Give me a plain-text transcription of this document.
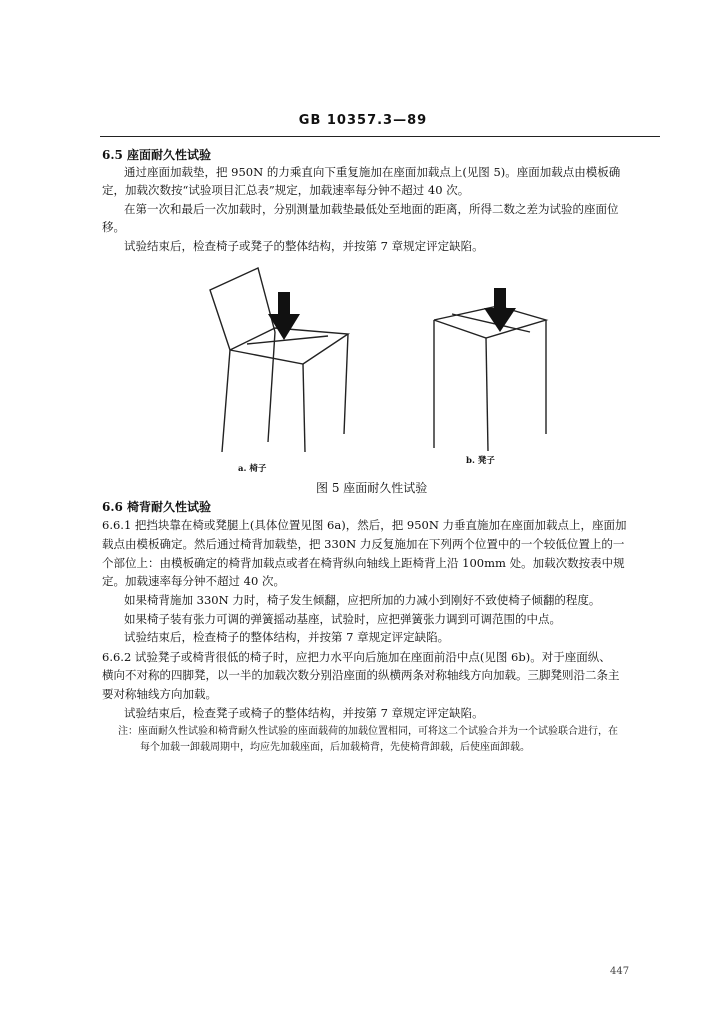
GB 10357.3—89
6.5 座面耐久性试验
通过座面加载垫，把 950N 的力乘直向下重复施加在座面加载点上(见图 5)。座面加载点由模板确
定，加载次数按“试验项目汇总表”规定，加载速率每分钟不超过 40 次。
在第一次和最后一次加载时，分别测量加载垫最低处至地面的距离，所得二数之差为试验的座面位
移。
试验结束后，检查椅子或凳子的整体结构，并按第 7 章规定评定缺陷。
a. 椅子
b. 凳子
图 5 座面耐久性试验
6.6 椅背耐久性试验
6.6.1 把挡块靠在椅或凳腿上(具体位置见图 6a)，然后，把 950N 力垂直施加在座面加载点上，座面加
载点由模板确定。然后通过椅背加载垫，把 330N 力反复施加在下列两个位置中的一个较低位置上的一
个部位上：由模板确定的椅背加载点或者在椅背纵向轴线上距椅背上沿 100mm 处。加载次数按表中规
定。加载速率每分钟不超过 40 次。
如果椅背施加 330N 力时，椅子发生倾翻，应把所加的力减小到刚好不致使椅子倾翻的程度。
如果椅子装有张力可调的弹簧摇动基座，试验时，应把弹簧张力调到可调范围的中点。
试验结束后，检查椅子的整体结构，并按第 7 章规定评定缺陷。
6.6.2 试验凳子或椅背很低的椅子时，应把力水平向后施加在座面前沿中点(见图 6b)。对于座面纵、
横向不对称的四脚凳，以一半的加载次数分别沿座面的纵横两条对称轴线方向加载。三脚凳则沿二条主
要对称轴线方向加载。
试验结束后，检查凳子或椅子的整体结构，并按第 7 章规定评定缺陷。
注：座面耐久性试验和椅背耐久性试验的座面载荷的加载位置相同，可将这二个试验合并为一个试验联合进行，在
每个加载一卸载周期中，均应先加载座面，后加载椅背，先使椅背卸载，后使座面卸载。
447
